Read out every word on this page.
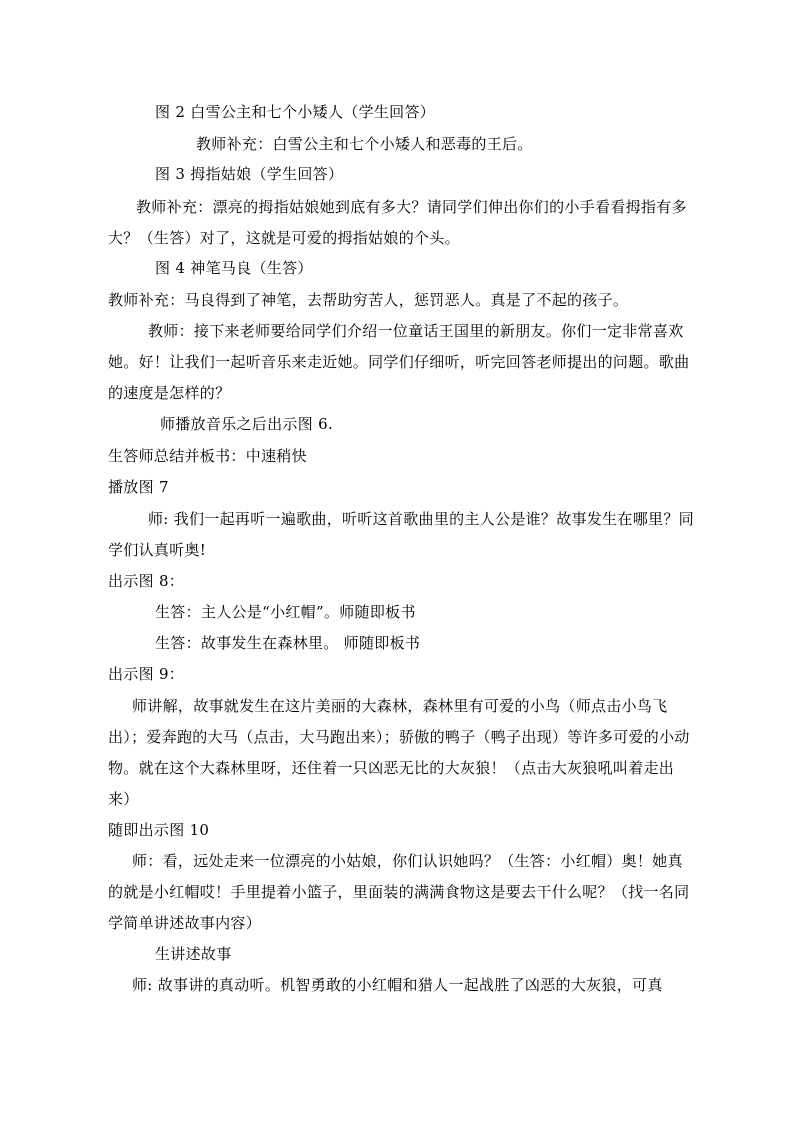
图 2 白雪公主和七个小矮人（学生回答）
教师补充：白雪公主和七个小矮人和恶毒的王后。
图 3 拇指姑娘（学生回答）
教师补充：漂亮的拇指姑娘她到底有多大？请同学们伸出你们的小手看看拇指有多大？（生答）对了，这就是可爱的拇指姑娘的个头。
图 4 神笔马良（生答）
教师补充：马良得到了神笔，去帮助穷苦人，惩罚恶人。真是了不起的孩子。
教师：接下来老师要给同学们介绍一位童话王国里的新朋友。你们一定非常喜欢她。好！让我们一起听音乐来走近她。同学们仔细听，听完回答老师提出的问题。歌曲的速度是怎样的？
师播放音乐之后出示图 6.
生答师总结并板书：中速稍快
播放图 7
师: 我们一起再听一遍歌曲，听听这首歌曲里的主人公是谁？故事发生在哪里？同学们认真听奥!
出示图 8：
生答：主人公是“小红帽”。师随即板书
生答：故事发生在森林里。 师随即板书
出示图 9：
师讲解，故事就发生在这片美丽的大森林，森林里有可爱的小鸟（师点击小鸟飞出）；爱奔跑的大马（点击，大马跑出来）；骄傲的鸭子（鸭子出现）等许多可爱的小动物。就在这个大森林里呀，还住着一只凶恶无比的大灰狼！（点击大灰狼吼叫着走出来）
随即出示图 10
师：看，远处走来一位漂亮的小姑娘，你们认识她吗？（生答：小红帽）奥！她真的就是小红帽哎！手里提着小篮子，里面装的满满食物这是要去干什么呢？（找一名同学简单讲述故事内容）
生讲述故事
师: 故事讲的真动听。机智勇敢的小红帽和猎人一起战胜了凶恶的大灰狼，可真
